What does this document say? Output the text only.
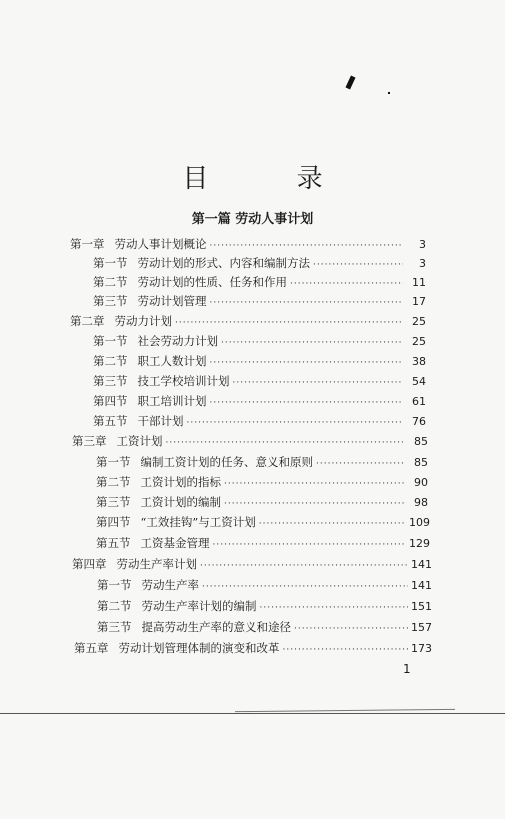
目 录
第一篇 劳动人事计划
第一章 劳动人事计划概论 ·····	3
第一节 劳动计划的形式、内容和编制方法 ·····	3
第二节 劳动计划的性质、任务和作用 ·····	11
第三节 劳动计划管理 ·····	17
第二章 劳动力计划 ·····	25
第一节 社会劳动力计划 ·····	25
第二节 职工人数计划 ·····	38
第三节 技工学校培训计划 ·····	54
第四节 职工培训计划 ·····	61
第五节 干部计划 ·····	76
第三章 工资计划 ·····	85
第一节 编制工资计划的任务、意义和原则 ·····	85
第二节 工资计划的指标 ·····	90
第三节 工资计划的编制 ·····	98
第四节 “工效挂钩”与工资计划 ·····	109
第五节 工资基金管理 ·····	129
第四章 劳动生产率计划 ·····	141
第一节 劳动生产率 ·····	141
第二节 劳动生产率计划的编制 ·····	151
第三节 提高劳动生产率的意义和途径 ·····	157
第五章 劳动计划管理体制的演变和改革 ·····	173
1
